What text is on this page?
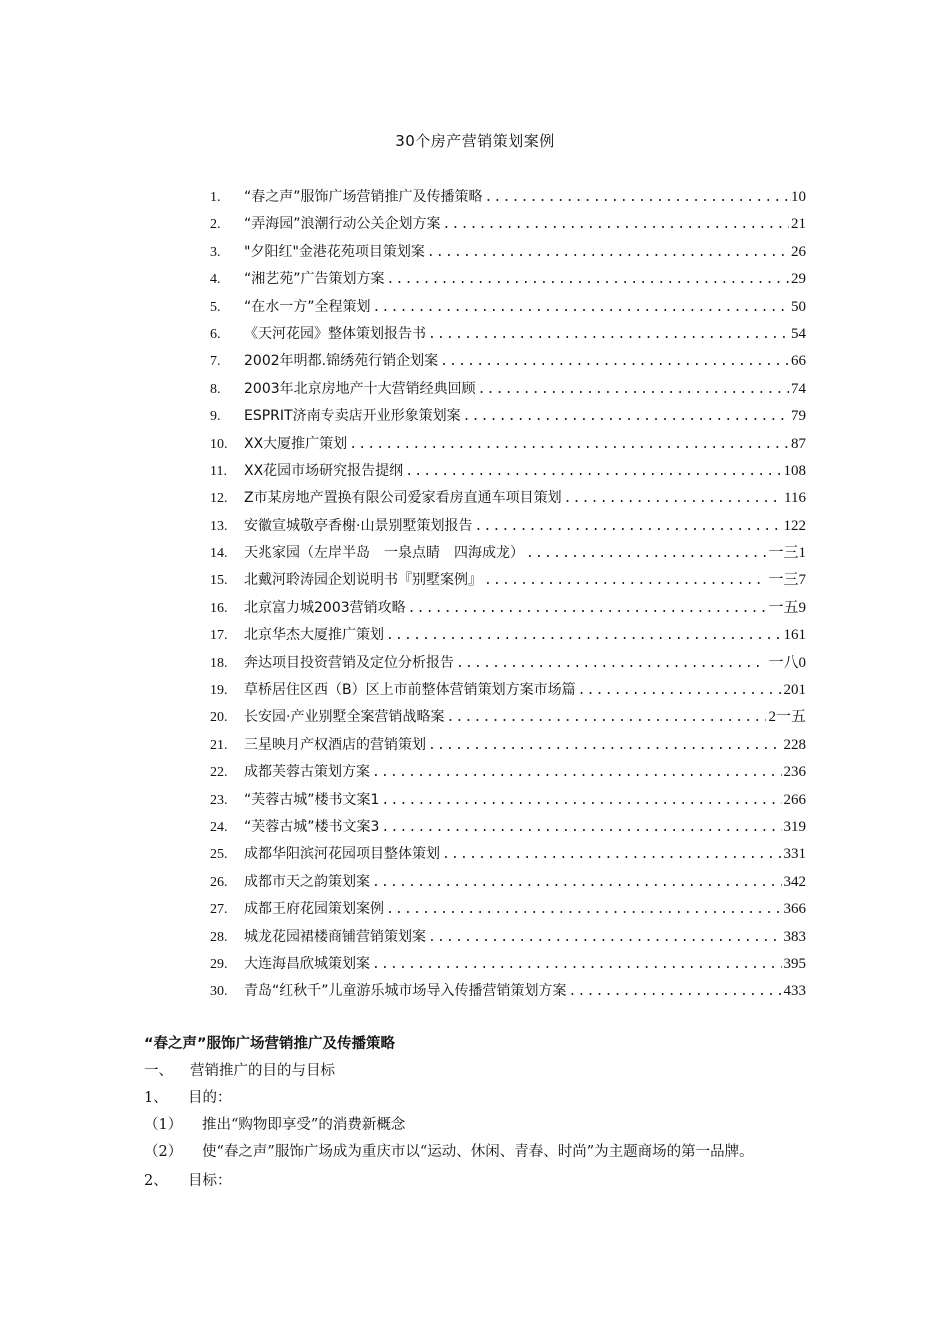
30个房产营销策划案例
1.	“春之声”服饰广场营销推广及传播策略 .....	10
2.	“弄海园”浪潮行动公关企划方案 .....	21
3.	"夕阳红"金港花苑项目策划案 .....	26
4.	“湘艺苑”广告策划方案 .....	29
5.	“在水一方”全程策划 .....	50
6.	《天河花园》整体策划报告书 .....	54
7.	2002年明都.锦绣苑行销企划案 .....	66
8.	2003年北京房地产十大营销经典回顾 .....	74
9.	ESPRIT济南专卖店开业形象策划案 .....	79
10.	XX大厦推广策划 .....	87
11.	XX花园市场研究报告提纲 .....	108
12.	Z市某房地产置换有限公司爱家看房直通车项目策划 .....	116
13.	安徽宣城敬亭香榭·山景别墅策划报告 .....	122
14.	天兆家园（左岸半岛　一泉点睛　四海成龙） .....	一三1
15.	北戴河聆涛园企划说明书『别墅案例』 .....	一三7
16.	北京富力城2003营销攻略 .....	一五9
17.	北京华杰大厦推广策划 .....	161
18.	奔达项目投资营销及定位分析报告 .....	一八0
19.	草桥居住区西（B）区上市前整体营销策划方案市场篇 .....	201
20.	长安园·产业别墅全案营销战略案 .....	2一五
21.	三星映月产权酒店的营销策划 .....	228
22.	成都芙蓉古策划方案 .....	236
23.	“芙蓉古城”楼书文案1 .....	266
24.	“芙蓉古城”楼书文案3 .....	319
25.	成都华阳滨河花园项目整体策划 .....	331
26.	成都市天之韵策划案 .....	342
27.	成都王府花园策划案例 .....	366
28.	城龙花园裙楼商铺营销策划案 .....	383
29.	大连海昌欣城策划案 .....	395
30.	青岛“红秋千”儿童游乐城市场导入传播营销策划方案 .....	433
“春之声”服饰广场营销推广及传播策略
一、 营销推广的目的与目标
1、 目的：
（1） 推出“购物即享受”的消费新概念
（2） 使“春之声”服饰广场成为重庆市以“运动、休闲、青春、时尚”为主题商场的第一品牌。
2、 目标：
